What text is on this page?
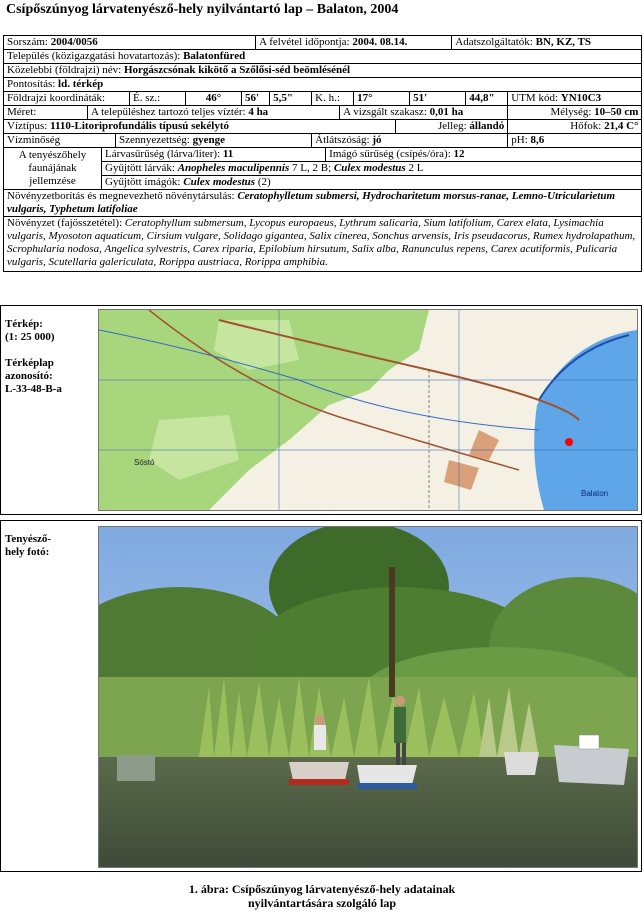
Csípőszúnyog lárvatenyésző-hely nyilvántartó lap – Balaton, 2004
Sorszám: 2004/0056							A felvétel időpontja: 2004. 08.14.								Adatszolgáltatók: BN, KZ, TS		
Település (közigazgatási hovatartozás): Balatonfüred																	
Közelebbi (földrajzi) név: Horgászcsónak kikötő a Szőlősi-séd beömlésénél																	
Pontosítás: ld. térkép																	
Földrajzi koordináták:				É. sz.:	46°	56'		5,5"	K. h.:			17°		51'		44,8"	UTM kód: YN10C3
Méret:	A településhez tartozó teljes víztér: 4 ha										A vizsgált szakasz: 0,01 ha						Mélység: 10–50 cm
Víztípus: 1110-Litoriprofundális típusú sekélytó													Jelleg: állandó				Hőfok: 21,4 C°
Vízminőség			Szennyezettség: gyenge						Átlátszóság: jó								pH: 8,6
A tenyészőhely faunájának jellemzése		Lárvasűrűség (lárva/liter): 11								Imágó sűrűség (csípés/óra): 12							
		Gyűjtött lárvák: Anopheles maculipennis 7 L, 2 B; Culex modestus 2 L															
		Gyűjtött imágók: Culex modestus (2)															
Növényzetborítás és megnevezhető növénytársulás: Ceratophylletum submersi, Hydrocharitetum morsus-ranae, Lemno-Utricularietum vulgaris, Typhetum latifoliae																	
Növényzet (fajösszetétel): Ceratophyllum submersum, Lycopus europaeus, Lythrum salicaria, Sium latifolium, Carex elata, Lysimachia vulgaris, Myosoton aquaticum, Cirsium vulgare, Solidago gigantea, Salix cinerea, Sonchus arvensis, Iris pseudacorus, Rumex hydrolapathum, Scrophularia nodosa, Angelica sylvestris, Carex riparia, Epilobium hirsutum, Salix alba, Ranunculus repens, Carex acutiformis, Pulicaria vulgaris, Scutellaria galericulata, Rorippa austriaca, Rorippa amphibia.																	
Térkép:
(1: 25 000)

Térképlap
azonosító:
L-33-48-B-a
Sóstó
Balaton
Tenyésző-
hely fotó:
1. ábra: Csípőszúnyog lárvatenyésző-hely adatainak
nyilvántartására szolgáló lap
